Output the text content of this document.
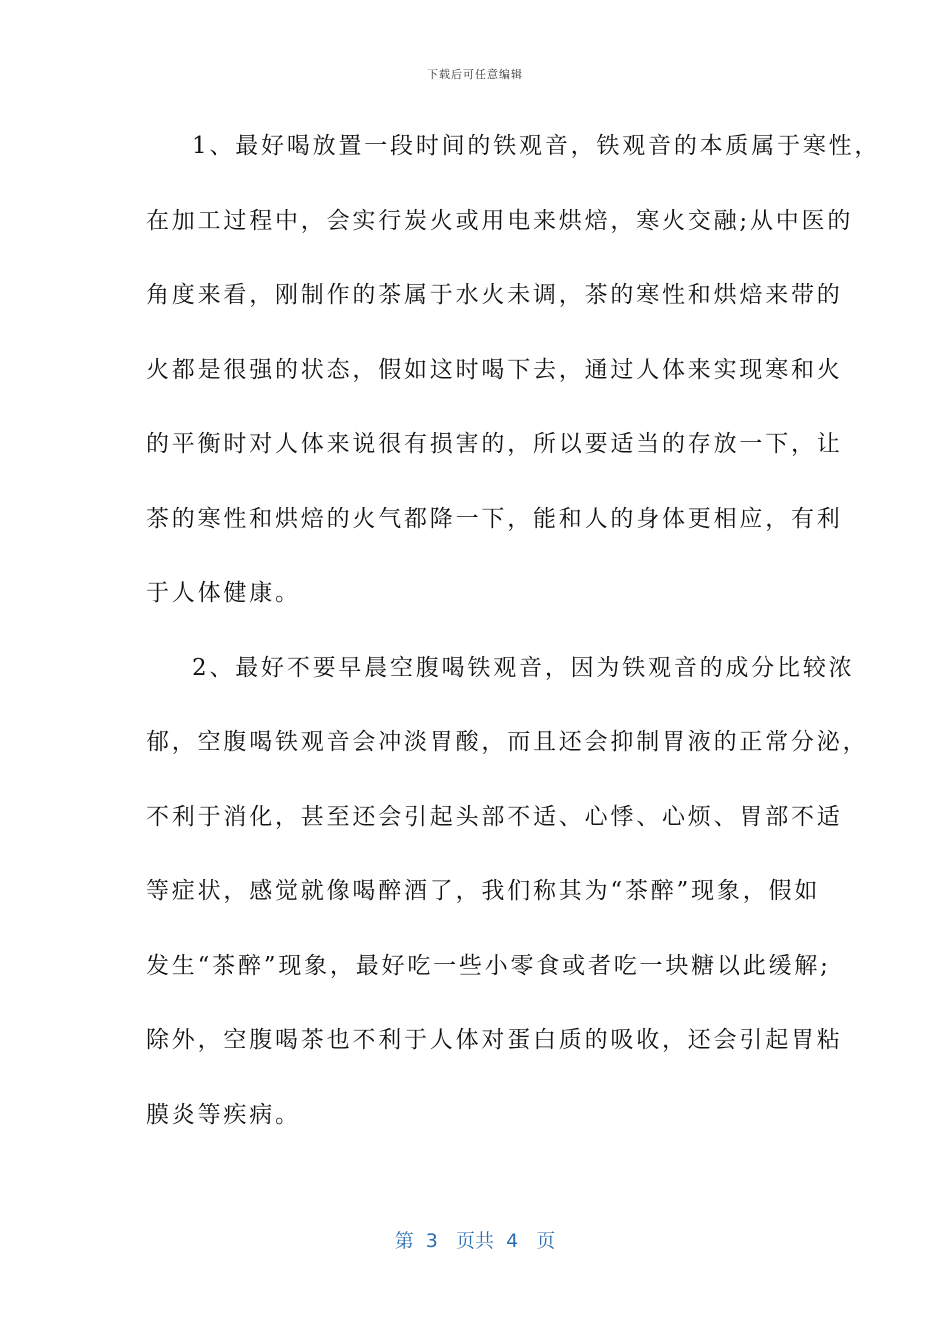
下载后可任意编辑
1、最好喝放置一段时间的铁观音，铁观音的本质属于寒性，
在加工过程中，会实行炭火或用电来烘焙，寒火交融;从中医的
角度来看，刚制作的茶属于水火未调，茶的寒性和烘焙来带的
火都是很强的状态，假如这时喝下去，通过人体来实现寒和火
的平衡时对人体来说很有损害的，所以要适当的存放一下，让
茶的寒性和烘焙的火气都降一下，能和人的身体更相应，有利
于人体健康。
2、最好不要早晨空腹喝铁观音，因为铁观音的成分比较浓
郁，空腹喝铁观音会冲淡胃酸，而且还会抑制胃液的正常分泌，
不利于消化，甚至还会引起头部不适、心悸、心烦、胃部不适
等症状，感觉就像喝醉酒了，我们称其为“茶醉”现象，假如
发生“茶醉”现象，最好吃一些小零食或者吃一块糖以此缓解;
除外，空腹喝茶也不利于人体对蛋白质的吸收，还会引起胃粘
膜炎等疾病。
第  3   页共  4   页
